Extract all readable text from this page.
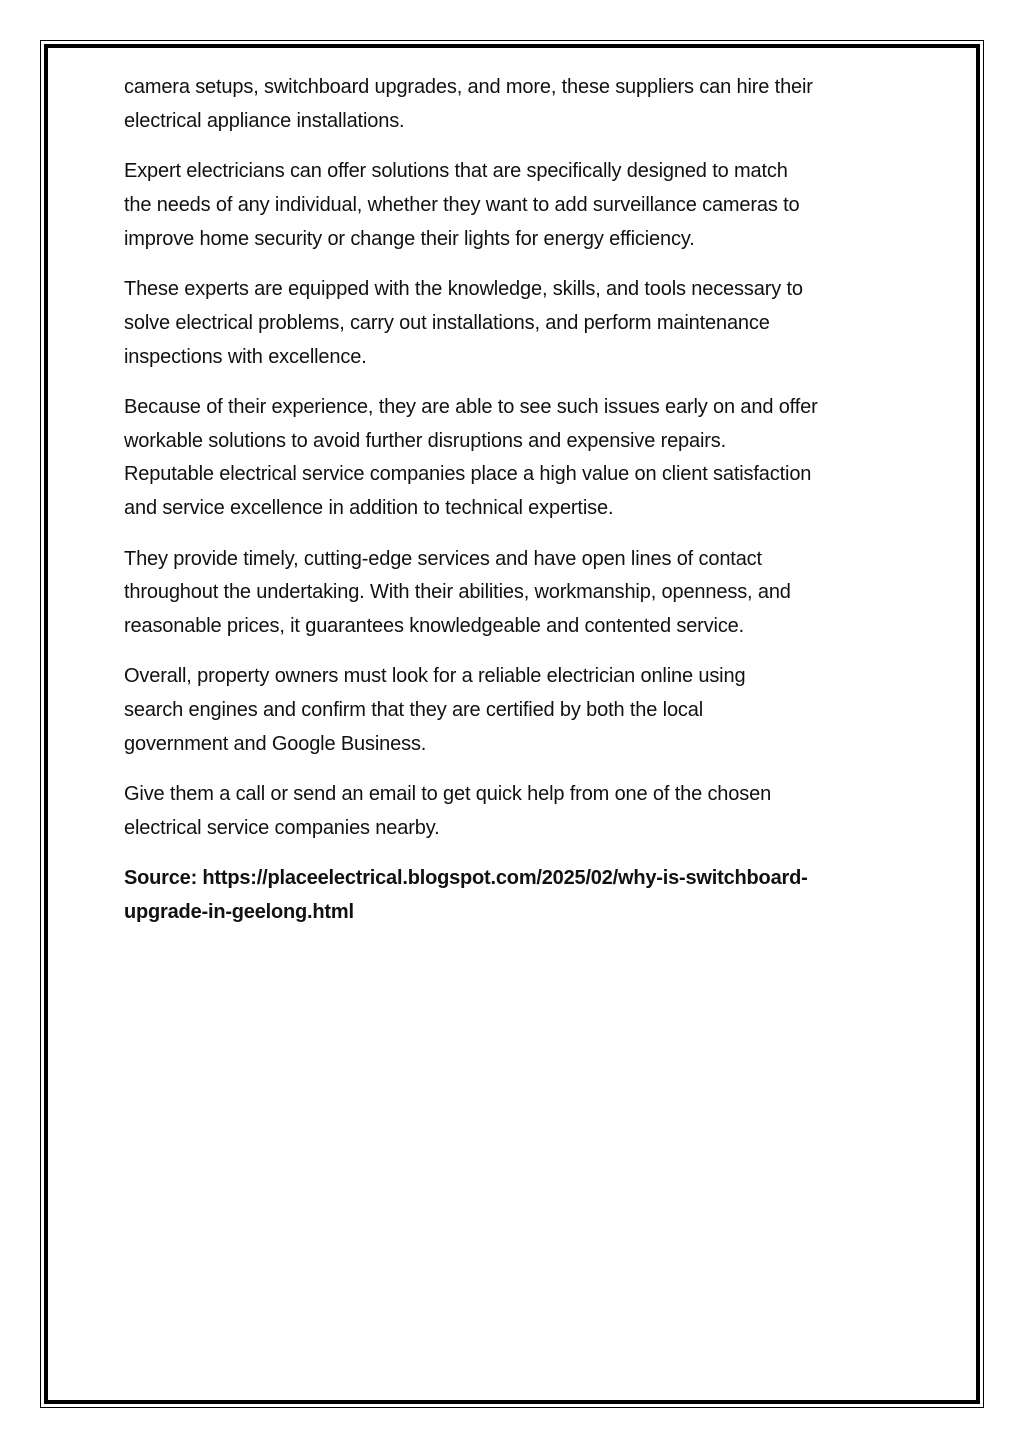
camera setups, switchboard upgrades, and more, these suppliers can hire their
electrical appliance installations.

Expert electricians can offer solutions that are specifically designed to match
the needs of any individual, whether they want to add surveillance cameras to
improve home security or change their lights for energy efficiency.

These experts are equipped with the knowledge, skills, and tools necessary to
solve electrical problems, carry out installations, and perform maintenance
inspections with excellence.

Because of their experience, they are able to see such issues early on and offer
workable solutions to avoid further disruptions and expensive repairs.
Reputable electrical service companies place a high value on client satisfaction
and service excellence in addition to technical expertise.

They provide timely, cutting-edge services and have open lines of contact
throughout the undertaking. With their abilities, workmanship, openness, and
reasonable prices, it guarantees knowledgeable and contented service.

Overall, property owners must look for a reliable electrician online using
search engines and confirm that they are certified by both the local
government and Google Business.

Give them a call or send an email to get quick help from one of the chosen
electrical service companies nearby.

Source: https://placeelectrical.blogspot.com/2025/02/why-is-switchboard-
upgrade-in-geelong.html
